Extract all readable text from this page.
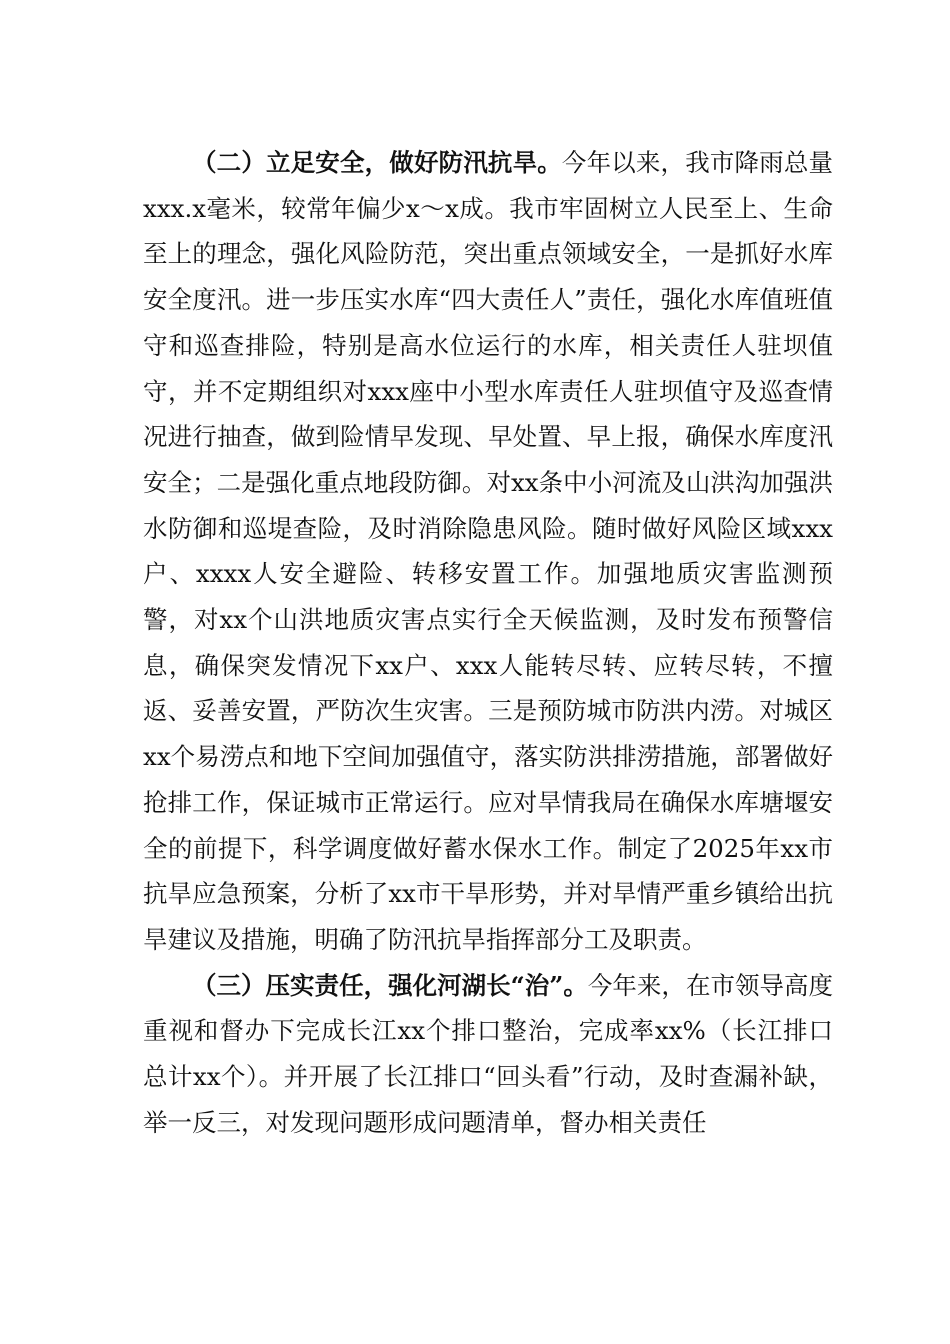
（二）立足安全，做好防汛抗旱。今年以来，我市降雨总量xxx.x毫米，较常年偏少x～x成。我市牢固树立人民至上、生命至上的理念，强化风险防范，突出重点领域安全，一是抓好水库安全度汛。进一步压实水库“四大责任人”责任，强化水库值班值守和巡查排险，特别是高水位运行的水库，相关责任人驻坝值守，并不定期组织对xxx座中小型水库责任人驻坝值守及巡查情况进行抽查，做到险情早发现、早处置、早上报，确保水库度汛安全；二是强化重点地段防御。对xx条中小河流及山洪沟加强洪水防御和巡堤查险，及时消除隐患风险。随时做好风险区域xxx户、xxxx人安全避险、转移安置工作。加强地质灾害监测预警，对xx个山洪地质灾害点实行全天候监测，及时发布预警信息，确保突发情况下xx户、xxx人能转尽转、应转尽转，不擅返、妥善安置，严防次生灾害。三是预防城市防洪内涝。对城区xx个易涝点和地下空间加强值守，落实防洪排涝措施，部署做好抢排工作，保证城市正常运行。应对旱情我局在确保水库塘堰安全的前提下，科学调度做好蓄水保水工作。制定了2025年xx市抗旱应急预案，分析了xx市干旱形势，并对旱情严重乡镇给出抗旱建议及措施，明确了防汛抗旱指挥部分工及职责。

（三）压实责任，强化河湖长“治”。今年来，在市领导高度重视和督办下完成长江xx个排口整治，完成率xx%（长江排口总计xx个）。并开展了长江排口“回头看”行动，及时查漏补缺，举一反三，对发现问题形成问题清单，督办相关责任
